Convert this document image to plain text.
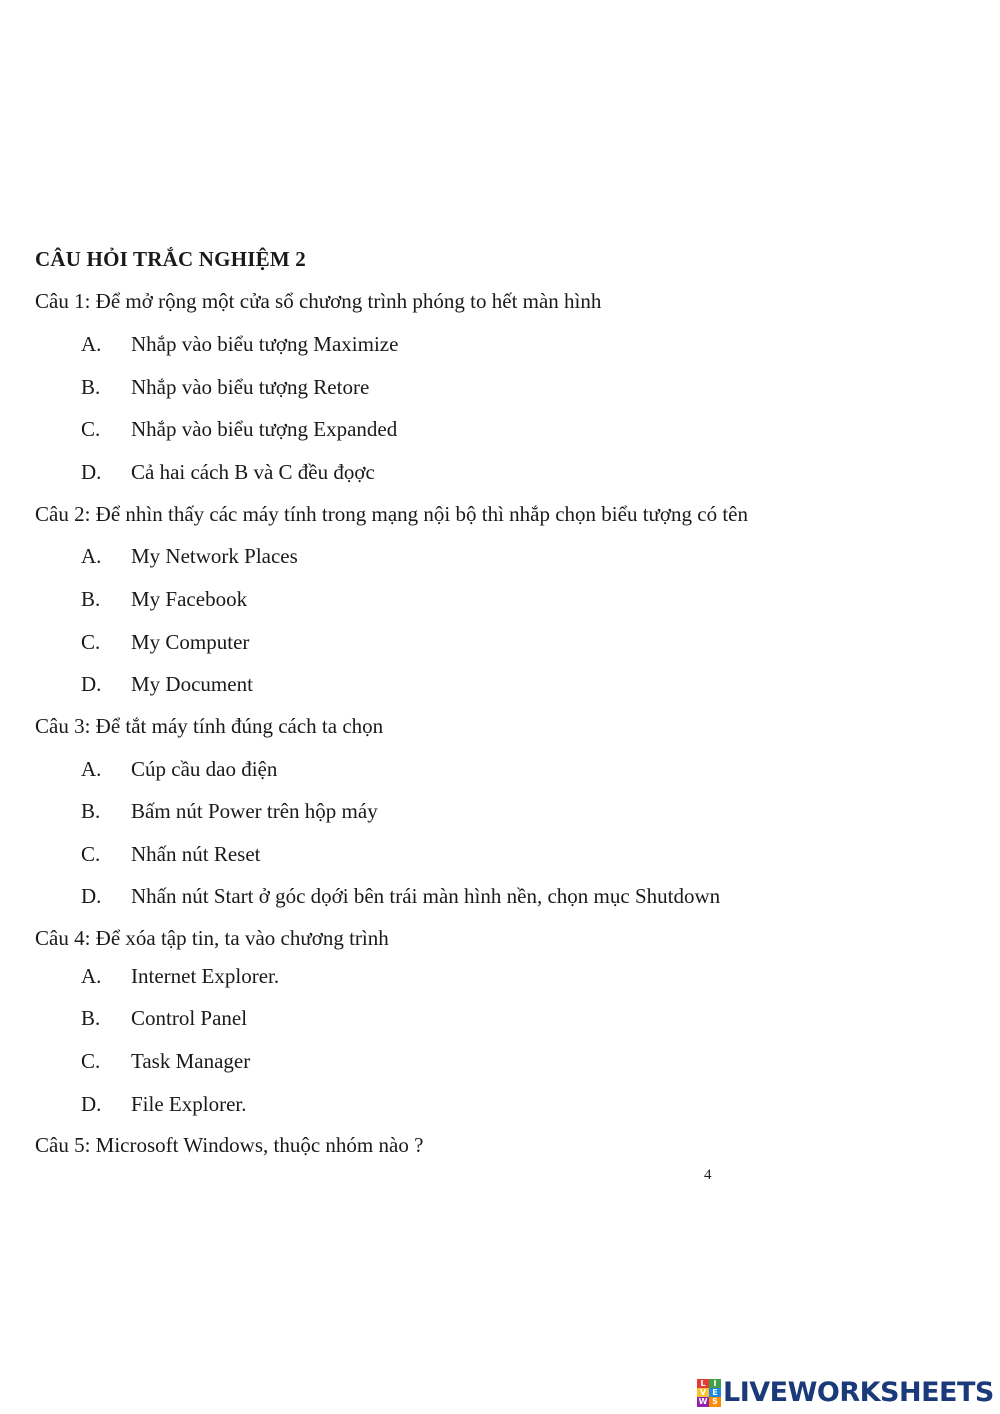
CÂU HỎI TRẮC NGHIỆM 2
Câu 1: Để mở rộng một cửa sổ chương trình phóng to hết màn hình
A. Nhắp vào biểu tượng Maximize
B. Nhắp vào biểu tượng Retore
C. Nhắp vào biểu tượng Expanded
D. Cả hai cách B và C đều đọợc
Câu 2: Để nhìn thấy các máy tính trong mạng nội bộ thì nhắp chọn biểu tượng có tên
A. My Network Places
B. My Facebook
C. My Computer
D. My Document
Câu 3: Để tắt máy tính đúng cách ta chọn
A. Cúp cầu dao điện
B. Bấm nút Power trên hộp máy
C. Nhấn nút Reset
D. Nhấn nút Start ở góc dọới bên trái màn hình nền, chọn mục Shutdown
Câu 4: Để xóa tập tin, ta vào chương trình
A. Internet Explorer.
B. Control Panel
C. Task Manager
D. File Explorer.
Câu 5: Microsoft Windows, thuộc nhóm nào ?
4
L I
V E
W S LIVEWORKSHEETS
